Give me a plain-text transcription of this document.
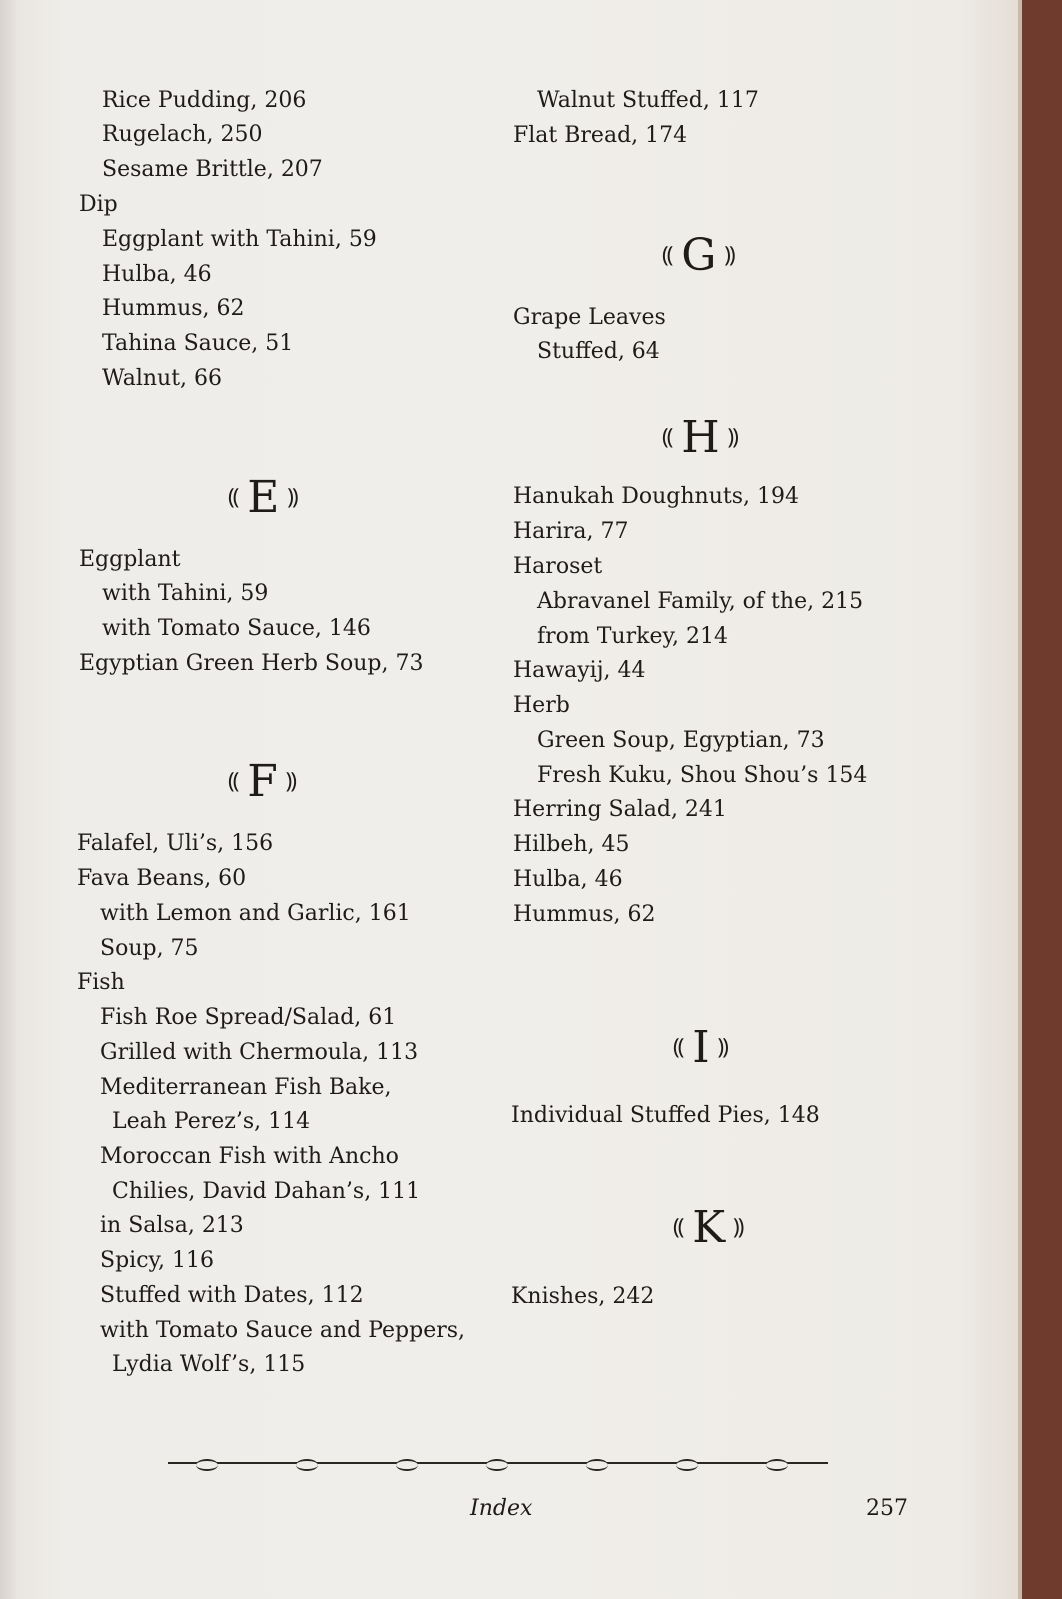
Rice Pudding, 206
Rugelach, 250
Sesame Brittle, 207
Dip
Eggplant with Tahini, 59
Hulba, 46
Hummus, 62
Tahina Sauce, 51
Walnut, 66
⸨ E ⸩
Eggplant
with Tahini, 59
with Tomato Sauce, 146
Egyptian Green Herb Soup, 73
⸨ F ⸩
Falafel, Uli’s, 156
Fava Beans, 60
with Lemon and Garlic, 161
Soup, 75
Fish
Fish Roe Spread/Salad, 61
Grilled with Chermoula, 113
Mediterranean Fish Bake,
Leah Perez’s, 114
Moroccan Fish with Ancho
Chilies, David Dahan’s, 111
in Salsa, 213
Spicy, 116
Stuffed with Dates, 112
with Tomato Sauce and Peppers,
Lydia Wolf’s, 115
Walnut Stuffed, 117
Flat Bread, 174
⸨ G ⸩
Grape Leaves
Stuffed, 64
⸨ H ⸩
Hanukah Doughnuts, 194
Harira, 77
Haroset
Abravanel Family, of the, 215
from Turkey, 214
Hawayij, 44
Herb
Green Soup, Egyptian, 73
Fresh Kuku, Shou Shou’s 154
Herring Salad, 241
Hilbeh, 45
Hulba, 46
Hummus, 62
⸨ I ⸩
Individual Stuffed Pies, 148
⸨ K ⸩
Knishes, 242
Index	257
